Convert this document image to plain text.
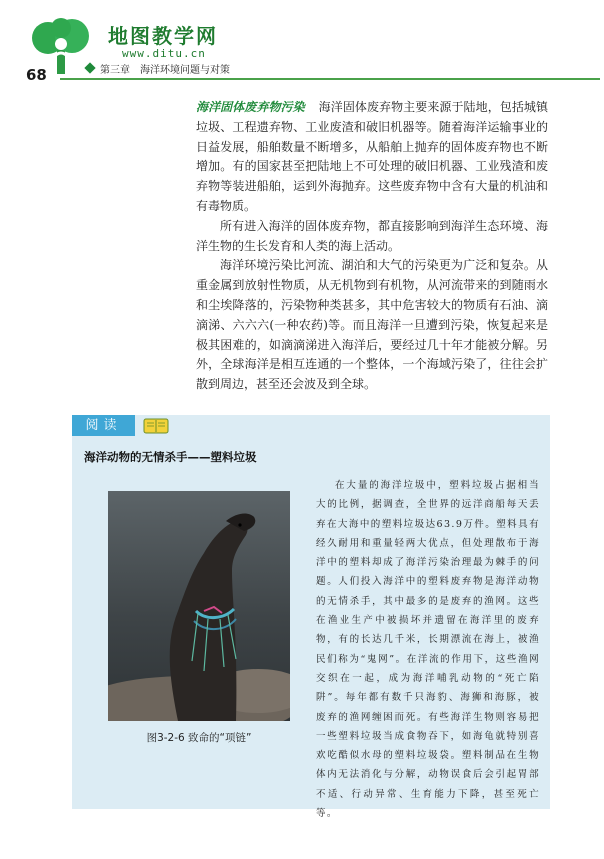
68
地图教学网
www.ditu.cn
第三章 海洋环境问题与对策

海洋固体废弃物污染 海洋固体废弃物主要来源于陆地，包括城镇垃圾、工程遗弃物、工业废渣和破旧机器等。随着海洋运输事业的日益发展，船舶数量不断增多，从船舶上抛弃的固体废弃物也不断增加。有的国家甚至把陆地上不可处理的破旧机器、工业残渣和废弃物等装进船舶，运到外海抛弃。这些废弃物中含有大量的机油和有毒物质。

所有进入海洋的固体废弃物，都直接影响到海洋生态环境、海洋生物的生长发育和人类的海上活动。

海洋环境污染比河流、湖泊和大气的污染更为广泛和复杂。从重金属到放射性物质，从无机物到有机物，从河流带来的到随雨水和尘埃降落的，污染物种类甚多，其中危害较大的物质有石油、滴滴涕、六六六(一种农药)等。而且海洋一旦遭到污染，恢复起来是极其困难的，如滴滴涕进入海洋后，要经过几十年才能被分解。另外，全球海洋是相互连通的一个整体，一个海域污染了，往往会扩散到周边，甚至还会波及到全球。

阅读
海洋动物的无情杀手——塑料垃圾
图3-2-6 致命的“项链”

在大量的海洋垃圾中，塑料垃圾占据相当大的比例，据调查，全世界的远洋商船每天丢弃在大海中的塑料垃圾达63.9万件。塑料具有经久耐用和重量轻两大优点，但处理散布于海洋中的塑料却成了海洋污染治理最为棘手的问题。人们投入海洋中的塑料废弃物是海洋动物的无情杀手，其中最多的是废弃的渔网。这些在渔业生产中被损坏并遗留在海洋里的废弃物，有的长达几千米，长期漂流在海上，被渔民们称为“鬼网”。在洋流的作用下，这些渔网交织在一起，成为海洋哺乳动物的“死亡陷阱”。每年都有数千只海豹、海狮和海豚，被废弃的渔网缠困而死。有些海洋生物则容易把一些塑料垃圾当成食物吞下，如海龟就特别喜欢吃酷似水母的塑料垃圾袋。塑料制品在生物体内无法消化与分解，动物误食后会引起胃部不适、行动异常、生育能力下降，甚至死亡等。
